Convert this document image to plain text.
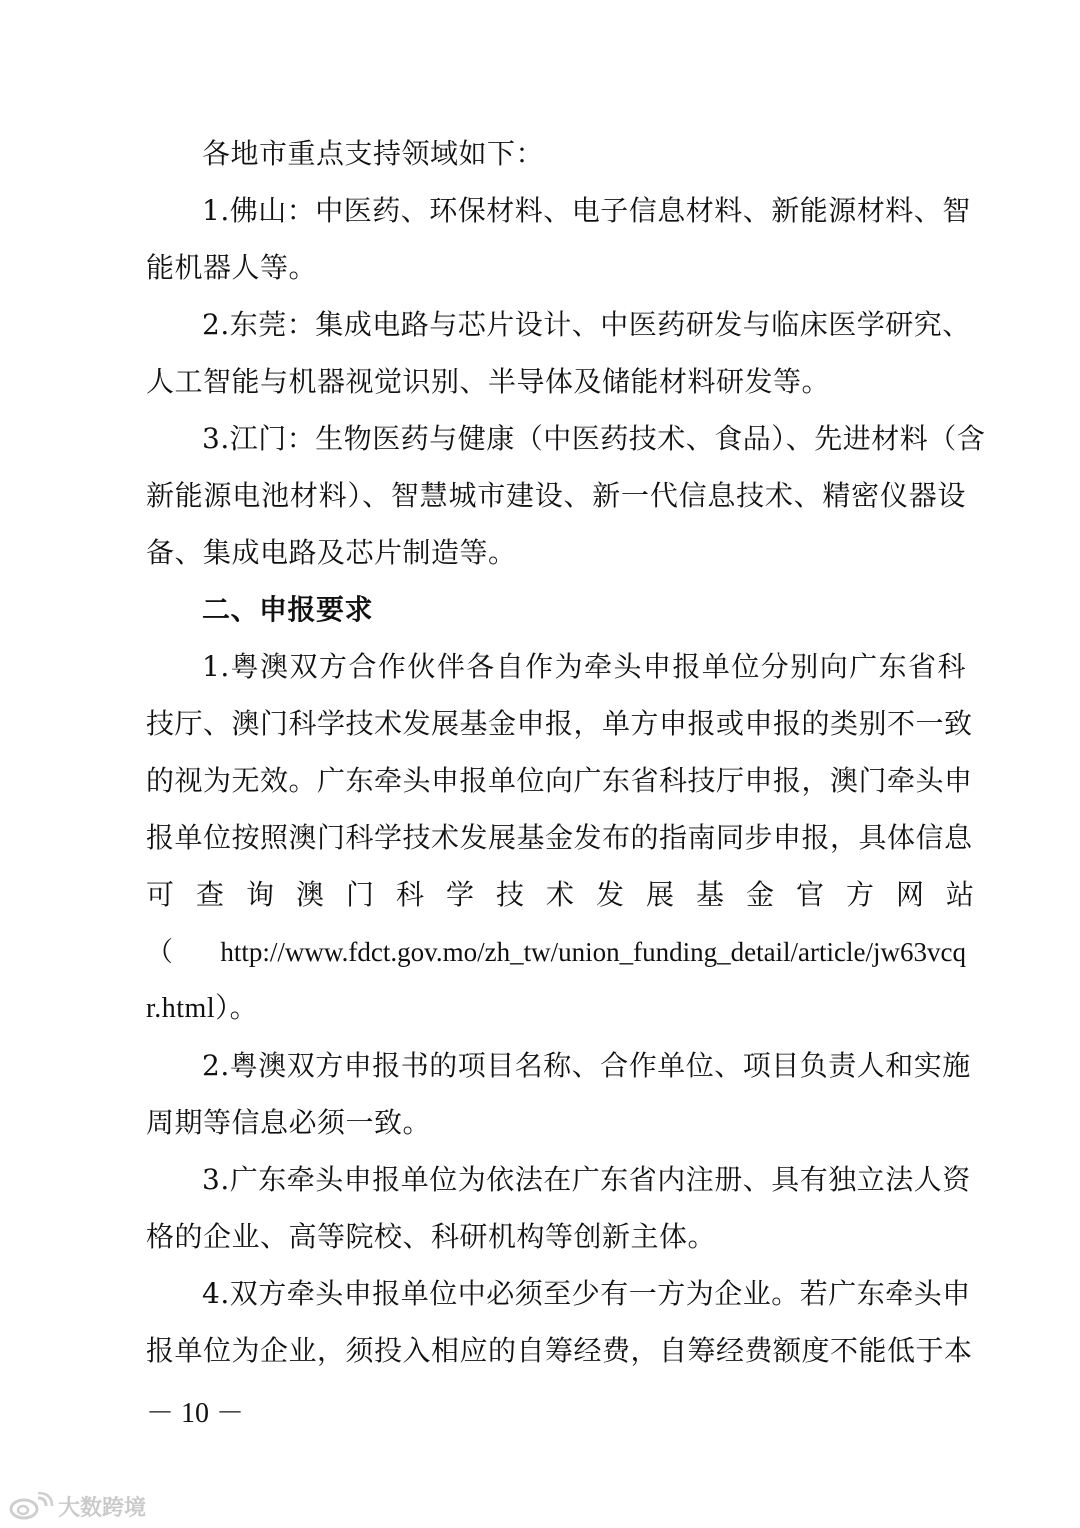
各地市重点支持领域如下：
1.佛山：中医药、环保材料、电子信息材料、新能源材料、智
能机器人等。
2.东莞：集成电路与芯片设计、中医药研发与临床医学研究、
人工智能与机器视觉识别、半导体及储能材料研发等。
3.江门：生物医药与健康（中医药技术、食品）、先进材料（含
新能源电池材料）、智慧城市建设、新一代信息技术、精密仪器设
备、集成电路及芯片制造等。
二、申报要求
1.粤澳双方合作伙伴各自作为牵头申报单位分别向广东省科
技厅、澳门科学技术发展基金申报，单方申报或申报的类别不一致
的视为无效。广东牵头申报单位向广东省科技厅申报，澳门牵头申
报单位按照澳门科学技术发展基金发布的指南同步申报，具体信息
可查询澳门科学技术发展基金官方网站
（http://www.fdct.gov.mo/zh_tw/union_funding_detail/article/jw63vcq
r.html）。
2.粤澳双方申报书的项目名称、合作单位、项目负责人和实施
周期等信息必须一致。
3.广东牵头申报单位为依法在广东省内注册、具有独立法人资
格的企业、高等院校、科研机构等创新主体。
4.双方牵头申报单位中必须至少有一方为企业。若广东牵头申
报单位为企业，须投入相应的自筹经费，自筹经费额度不能低于本
－ 10 －
大数跨境
